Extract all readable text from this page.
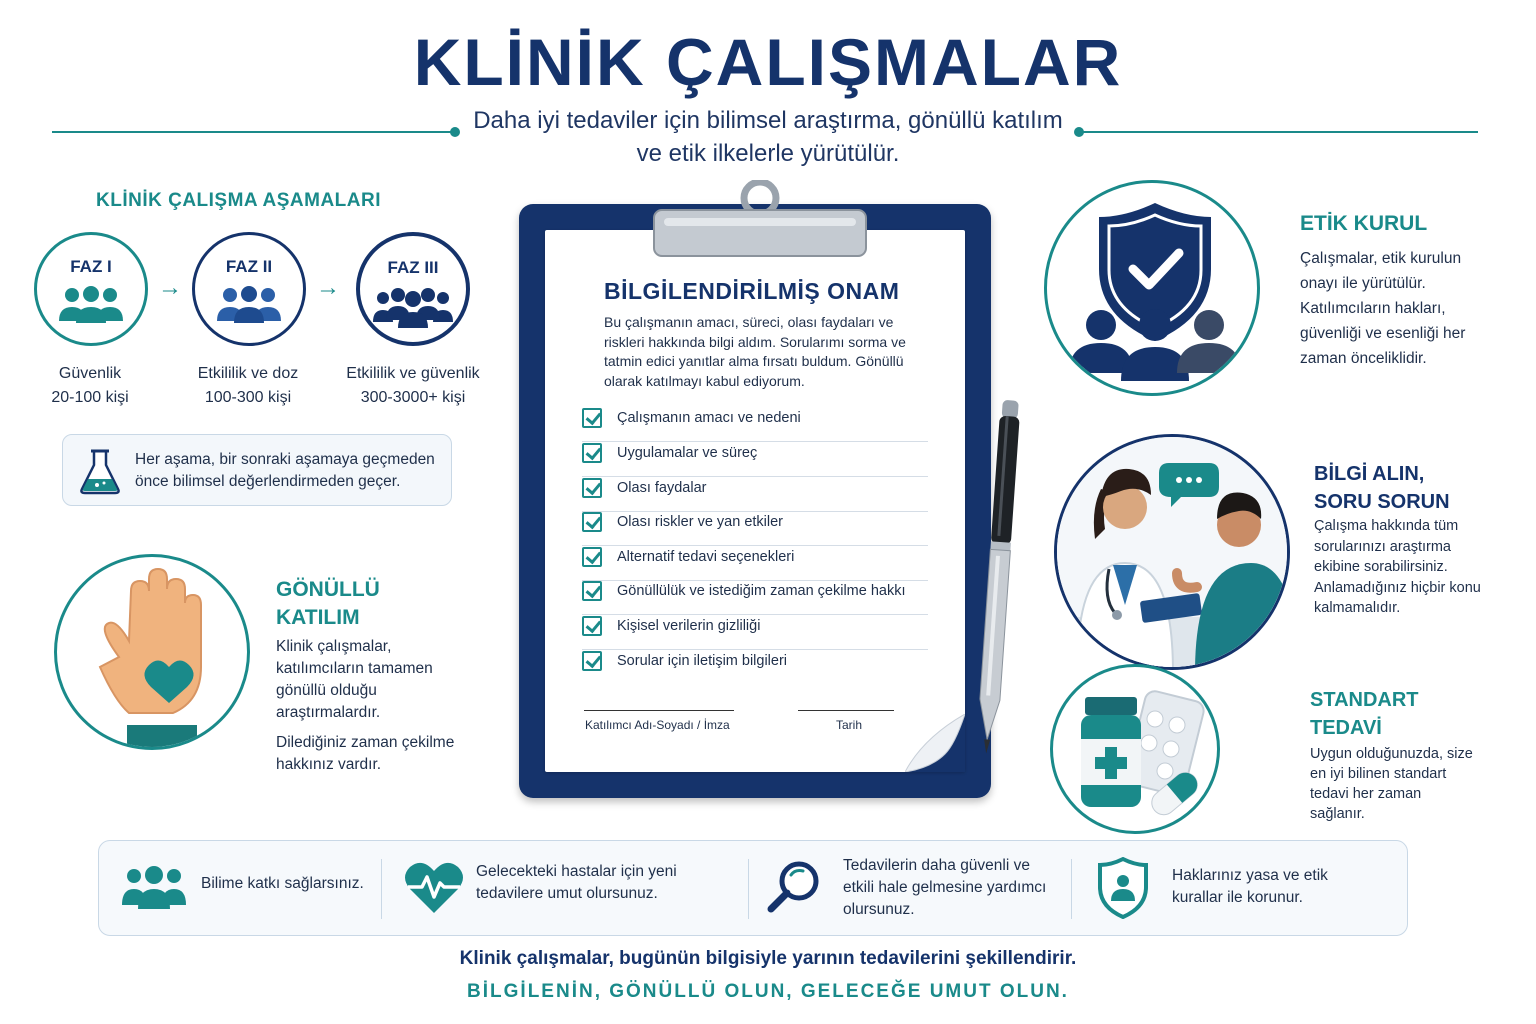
KLİNİK ÇALIŞMALAR
Daha iyi tedaviler için bilimsel araştırma, gönüllü katılım ve etik ilkelerle yürütülür.
KLİNİK ÇALIŞMA AŞAMALARI
FAZ I
→
FAZ II
→
FAZ III
Güvenlik
20-100 kişi
Etkililik ve doz
100-300 kişi
Etkililik ve güvenlik
300-3000+ kişi
Her aşama, bir sonraki aşamaya geçmeden önce bilimsel değerlendirmeden geçer.
GÖNÜLLÜ KATILIM
Klinik çalışmalar, katılımcıların tamamen gönüllü olduğu araştırmalardır.
Dilediğiniz zaman çekilme hakkınız vardır.
BİLGİLENDİRİLMİŞ ONAM
Bu çalışmanın amacı, süreci, olası faydaları ve riskleri hakkında bilgi aldım. Sorularımı sorma ve tatmin edici yanıtlar alma fırsatı buldum. Gönüllü olarak katılmayı kabul ediyorum.
Çalışmanın amacı ve nedeni
Uygulamalar ve süreç
Olası faydalar
Olası riskler ve yan etkiler
Alternatif tedavi seçenekleri
Gönüllülük ve istediğim zaman çekilme hakkı
Kişisel verilerin gizliliği
Sorular için iletişim bilgileri
Katılımcı Adı-Soyadı / İmza	Tarih
ETİK KURUL
Çalışmalar, etik kurulun onayı ile yürütülür. Katılımcıların hakları, güvenliği ve esenliği her zaman önceliklidir.
BİLGİ ALIN, SORU SORUN
Çalışma hakkında tüm sorularınızı araştırma ekibine sorabilirsiniz. Anlamadığınız hiçbir konu kalmamalıdır.
STANDART TEDAVİ
Uygun olduğunuzda, size en iyi bilinen standart tedavi her zaman sağlanır.
Bilime katkı sağlarsınız.
Gelecekteki hastalar için yeni tedavilere umut olursunuz.
Tedavilerin daha güvenli ve etkili hale gelmesine yardımcı olursunuz.
Haklarınız yasa ve etik kurallar ile korunur.
Klinik çalışmalar, bugünün bilgisiyle yarının tedavilerini şekillendirir.
BİLGİLENİN, GÖNÜLLÜ OLUN, GELECEĞE UMUT OLUN.
